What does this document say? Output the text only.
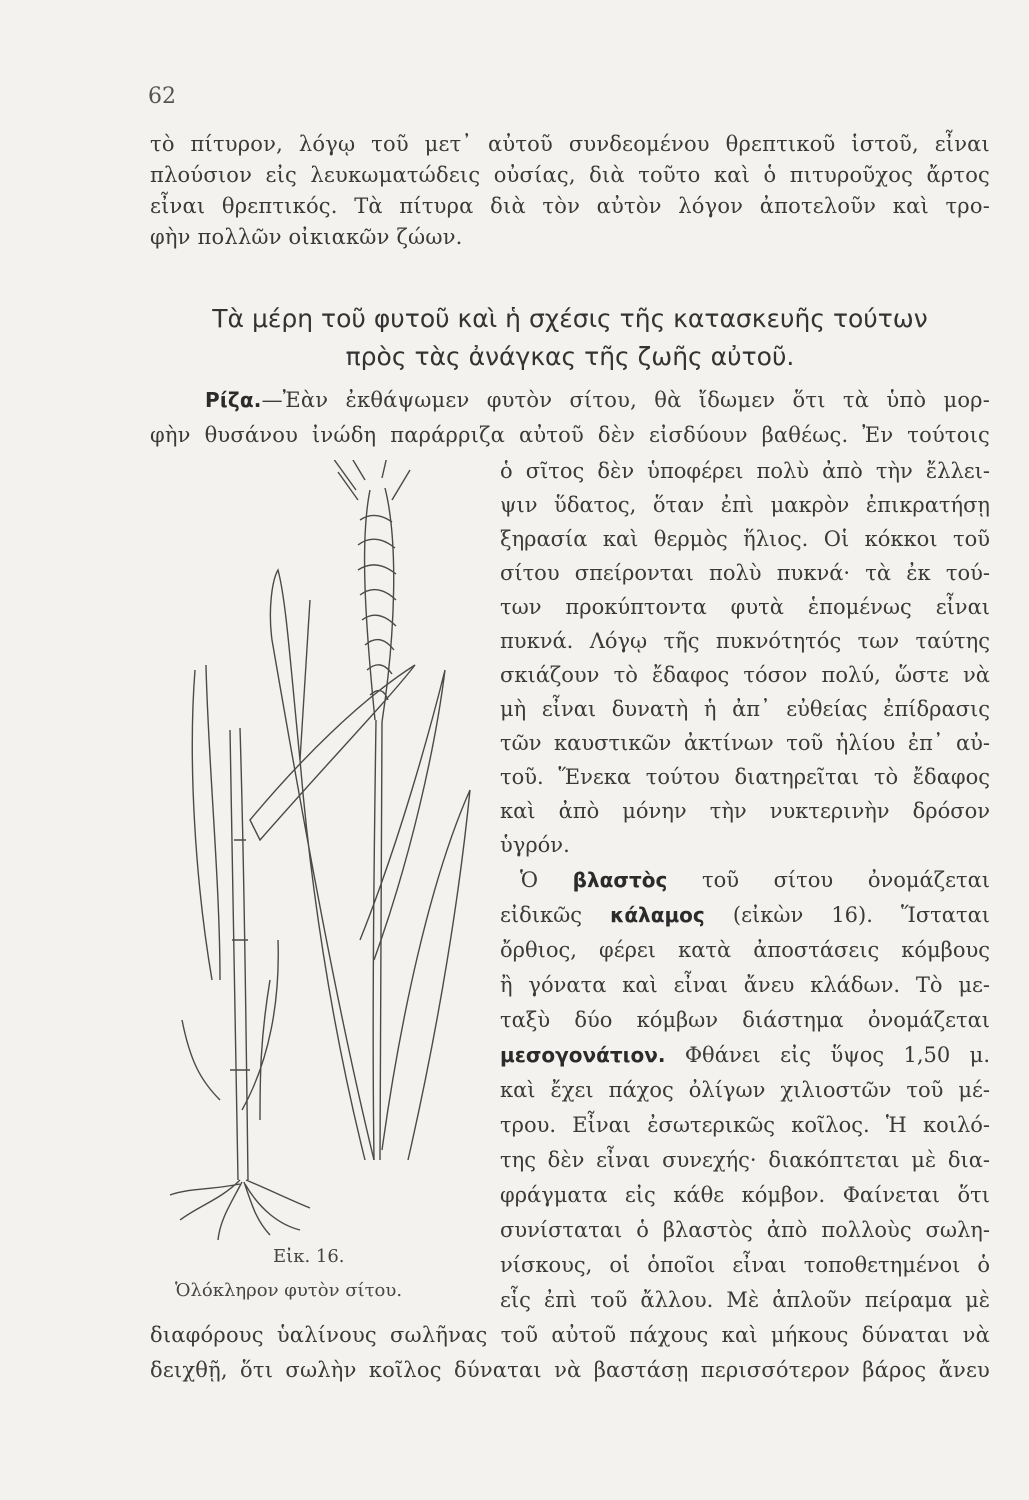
62
τὸ πίτυρον, λόγῳ τοῦ μετ᾽ αὐτοῦ συνδεομένου θρεπτικοῦ ἱστοῦ, εἶναι
πλούσιον εἰς λευκωματώδεις οὐσίας, διὰ τοῦτο καὶ ὁ πιτυροῦχος ἄρτος
εἶναι θρεπτικός. Τὰ πίτυρα διὰ τὸν αὐτὸν λόγον ἀποτελοῦν καὶ τρο-
φὴν πολλῶν οἰκιακῶν ζώων.
Τὰ μέρη τοῦ φυτοῦ καὶ ἡ σχέσις τῆς κατασκευῆς τούτων
πρὸς τὰς ἀνάγκας τῆς ζωῆς αὐτοῦ.
Ρίζα.—Ἐὰν ἐκθάψωμεν φυτὸν σίτου, θὰ ἴδωμεν ὅτι τὰ ὑπὸ μορ-
φὴν θυσάνου ἰνώδη παράρριζα αὐτοῦ δὲν εἰσδύουν βαθέως. Ἐν τούτοις
ὁ σῖτος δὲν ὑποφέρει πολὺ ἀπὸ τὴν ἔλλει-
ψιν ὕδατος, ὅταν ἐπὶ μακρὸν ἐπικρατήσῃ
ξηρασία καὶ θερμὸς ἥλιος. Οἱ κόκκοι τοῦ
σίτου σπείρονται πολὺ πυκνά· τὰ ἐκ τού-
των προκύπτοντα φυτὰ ἑπομένως εἶναι
πυκνά. Λόγῳ τῆς πυκνότητός των ταύτης
σκιάζουν τὸ ἔδαφος τόσον πολύ, ὥστε νὰ
μὴ εἶναι δυνατὴ ἡ ἀπ᾽ εὐθείας ἐπίδρασις
τῶν καυστικῶν ἀκτίνων τοῦ ἡλίου ἐπ᾽ αὐ-
τοῦ. Ἕνεκα τούτου διατηρεῖται τὸ ἔδαφος
καὶ ἀπὸ μόνην τὴν νυκτερινὴν δρόσον
ὑγρόν.
Ὁ βλαστὸς τοῦ σίτου ὀνομάζεται
εἰδικῶς κάλαμος (εἰκὼν 16). Ἵσταται
ὄρθιος, φέρει κατὰ ἀποστάσεις κόμβους
ἢ γόνατα καὶ εἶναι ἄνευ κλάδων. Τὸ με-
ταξὺ δύο κόμβων διάστημα ὀνομάζεται
μεσογονάτιον. Φθάνει εἰς ὕψος 1,50 μ.
καὶ ἔχει πάχος ὀλίγων χιλιοστῶν τοῦ μέ-
τρου. Εἶναι ἐσωτερικῶς κοῖλος. Ἡ κοιλό-
της δὲν εἶναι συνεχής· διακόπτεται μὲ δια-
φράγματα εἰς κάθε κόμβον. Φαίνεται ὅτι
συνίσταται ὁ βλαστὸς ἀπὸ πολλοὺς σωλη-
νίσκους, οἱ ὁποῖοι εἶναι τοποθετημένοι ὁ
εἷς ἐπὶ τοῦ ἄλλου. Μὲ ἁπλοῦν πείραμα μὲ
διαφόρους ὑαλίνους σωλῆνας τοῦ αὐτοῦ πάχους καὶ μήκους δύναται νὰ
δειχθῇ, ὅτι σωλὴν κοῖλος δύναται νὰ βαστάσῃ περισσότερον βάρος ἄνευ
Εἰκ. 16.
Ὁλόκληρον φυτὸν σίτου.
